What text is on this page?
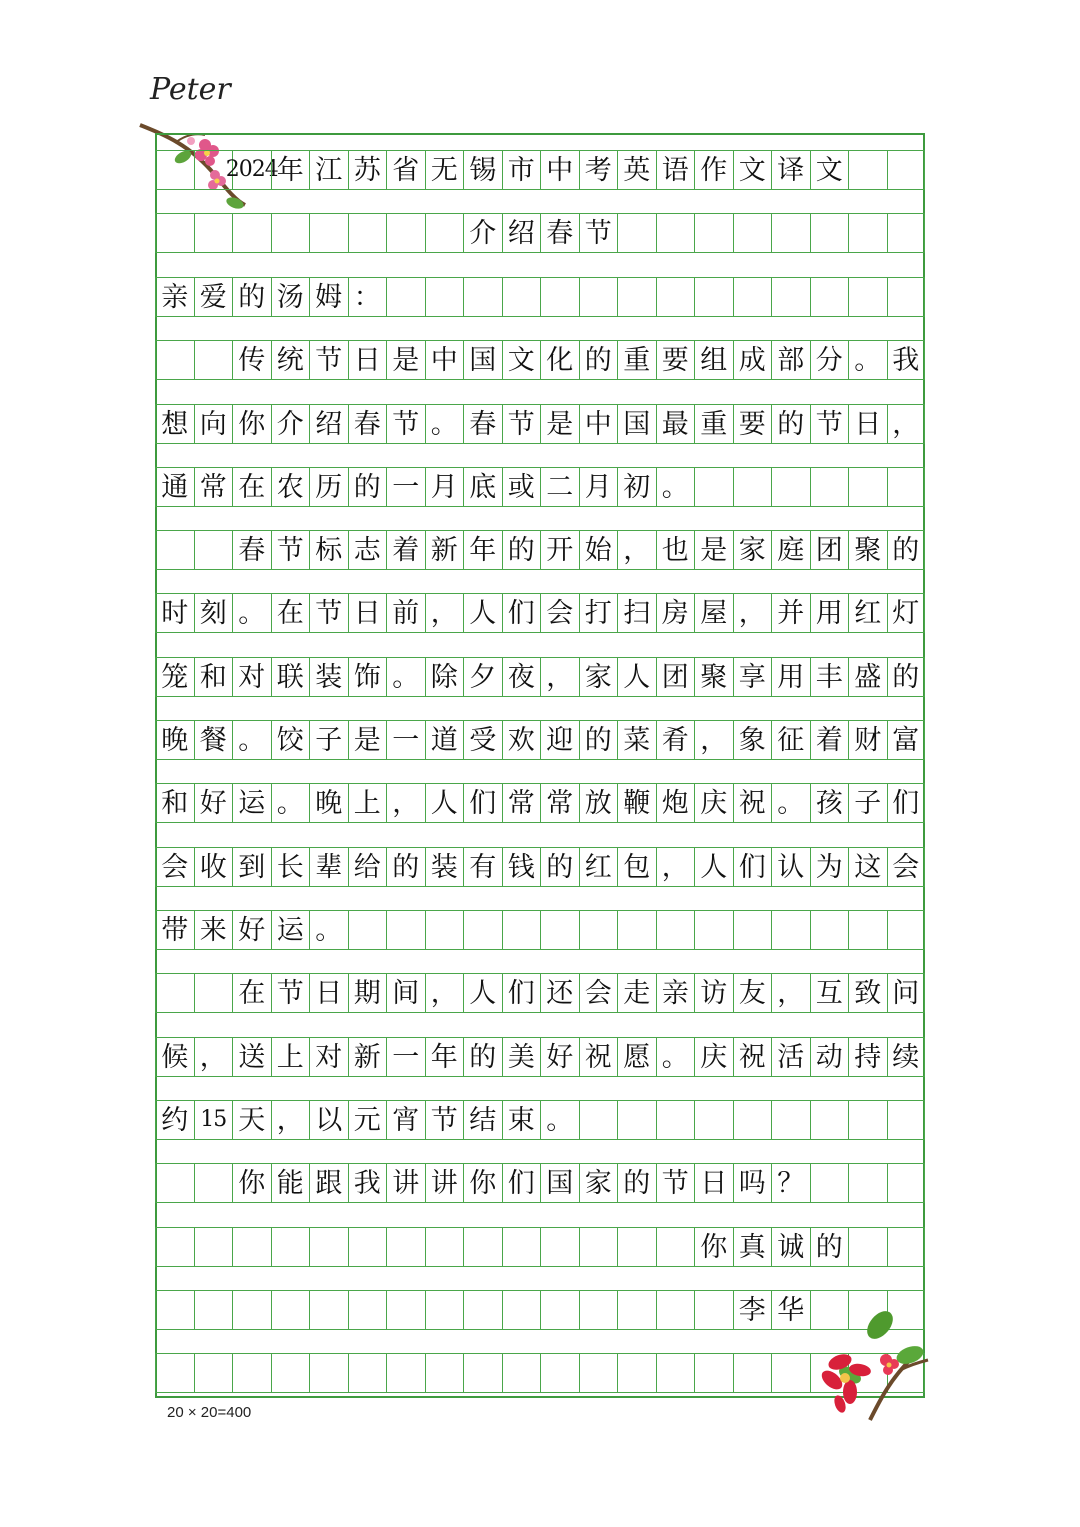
Peter
2024 年 江 苏 省 无 锡 市 中 考 英 语 作 文 译 文
介 绍 春 节
亲 爱 的 汤 姆 ：
传 统 节 日 是 中 国 文 化 的 重 要 组 成 部 分 。 我
想 向 你 介 绍 春 节 。 春 节 是 中 国 最 重 要 的 节 日 ，
通 常 在 农 历 的 一 月 底 或 二 月 初 。
春 节 标 志 着 新 年 的 开 始 ， 也 是 家 庭 团 聚 的
时 刻 。 在 节 日 前 ， 人 们 会 打 扫 房 屋 ， 并 用 红 灯
笼 和 对 联 装 饰 。 除 夕 夜 ， 家 人 团 聚 享 用 丰 盛 的
晚 餐 。 饺 子 是 一 道 受 欢 迎 的 菜 肴 ， 象 征 着 财 富
和 好 运 。 晚 上 ， 人 们 常 常 放 鞭 炮 庆 祝 。 孩 子 们
会 收 到 长 辈 给 的 装 有 钱 的 红 包 ， 人 们 认 为 这 会
带 来 好 运 。
在 节 日 期 间 ， 人 们 还 会 走 亲 访 友 ， 互 致 问
候 ， 送 上 对 新 一 年 的 美 好 祝 愿 。 庆 祝 活 动 持 续
约 15 天 ， 以 元 宵 节 结 束 。
你 能 跟 我 讲 讲 你 们 国 家 的 节 日 吗 ？
你 真 诚 的
李 华
20 × 20=400
